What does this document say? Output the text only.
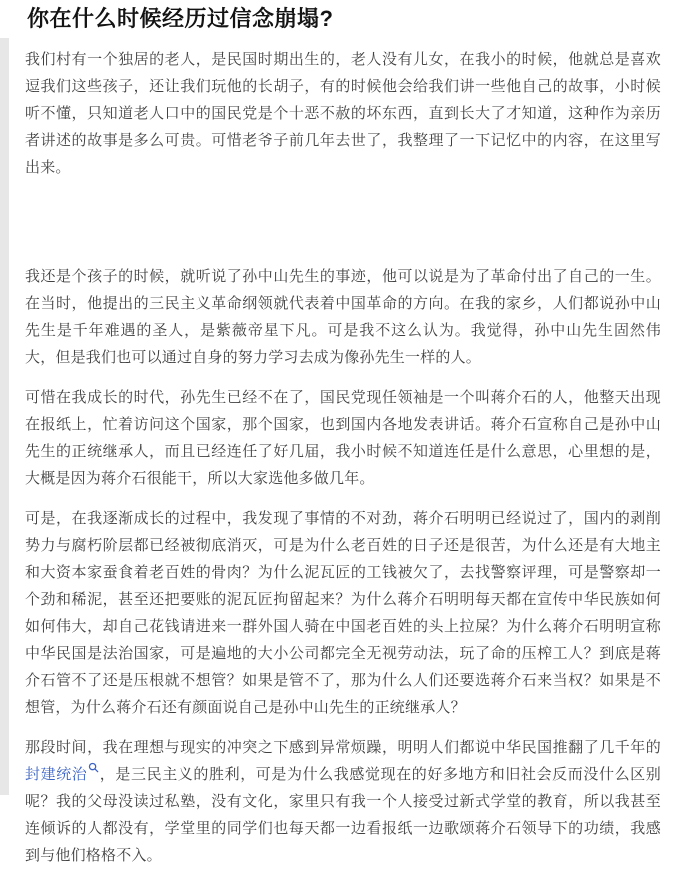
你在什么时候经历过信念崩塌?

我们村有一个独居的老人，是民国时期出生的，老人没有儿女，在我小的时候，他就总是喜欢逗我们这些孩子，还让我们玩他的长胡子，有的时候他会给我们讲一些他自己的故事，小时候听不懂，只知道老人口中的国民党是个十恶不赦的坏东西，直到长大了才知道，这种作为亲历者讲述的故事是多么可贵。可惜老爷子前几年去世了，我整理了一下记忆中的内容，在这里写出来。

我还是个孩子的时候，就听说了孙中山先生的事迹，他可以说是为了革命付出了自己的一生。在当时，他提出的三民主义革命纲领就代表着中国革命的方向。在我的家乡，人们都说孙中山先生是千年难遇的圣人，是紫薇帝星下凡。可是我不这么认为。我觉得，孙中山先生固然伟大，但是我们也可以通过自身的努力学习去成为像孙先生一样的人。

可惜在我成长的时代，孙先生已经不在了，国民党现任领袖是一个叫蒋介石的人，他整天出现在报纸上，忙着访问这个国家，那个国家，也到国内各地发表讲话。蒋介石宣称自己是孙中山先生的正统继承人，而且已经连任了好几届，我小时候不知道连任是什么意思，心里想的是，大概是因为蒋介石很能干，所以大家选他多做几年。

可是，在我逐渐成长的过程中，我发现了事情的不对劲，蒋介石明明已经说过了，国内的剥削势力与腐朽阶层都已经被彻底消灭，可是为什么老百姓的日子还是很苦，为什么还是有大地主和大资本家蚕食着老百姓的骨肉？为什么泥瓦匠的工钱被欠了，去找警察评理，可是警察却一个劲和稀泥，甚至还把要账的泥瓦匠拘留起来？为什么蒋介石明明每天都在宣传中华民族如何如何伟大，却自己花钱请进来一群外国人骑在中国老百姓的头上拉屎？为什么蒋介石明明宣称中华民国是法治国家，可是遍地的大小公司都完全无视劳动法，玩了命的压榨工人？到底是蒋介石管不了还是压根就不想管？如果是管不了，那为什么人们还要选蒋介石来当权？如果是不想管，为什么蒋介石还有颜面说自己是孙中山先生的正统继承人？

那段时间，我在理想与现实的冲突之下感到异常烦躁，明明人们都说中华民国推翻了几千年的封建统治 ，是三民主义的胜利，可是为什么我感觉现在的好多地方和旧社会反而没什么区别呢？我的父母没读过私塾，没有文化，家里只有我一个人接受过新式学堂的教育，所以我甚至连倾诉的人都没有，学堂里的同学们也每天都一边看报纸一边歌颂蒋介石领导下的功绩，我感到与他们格格不入。
